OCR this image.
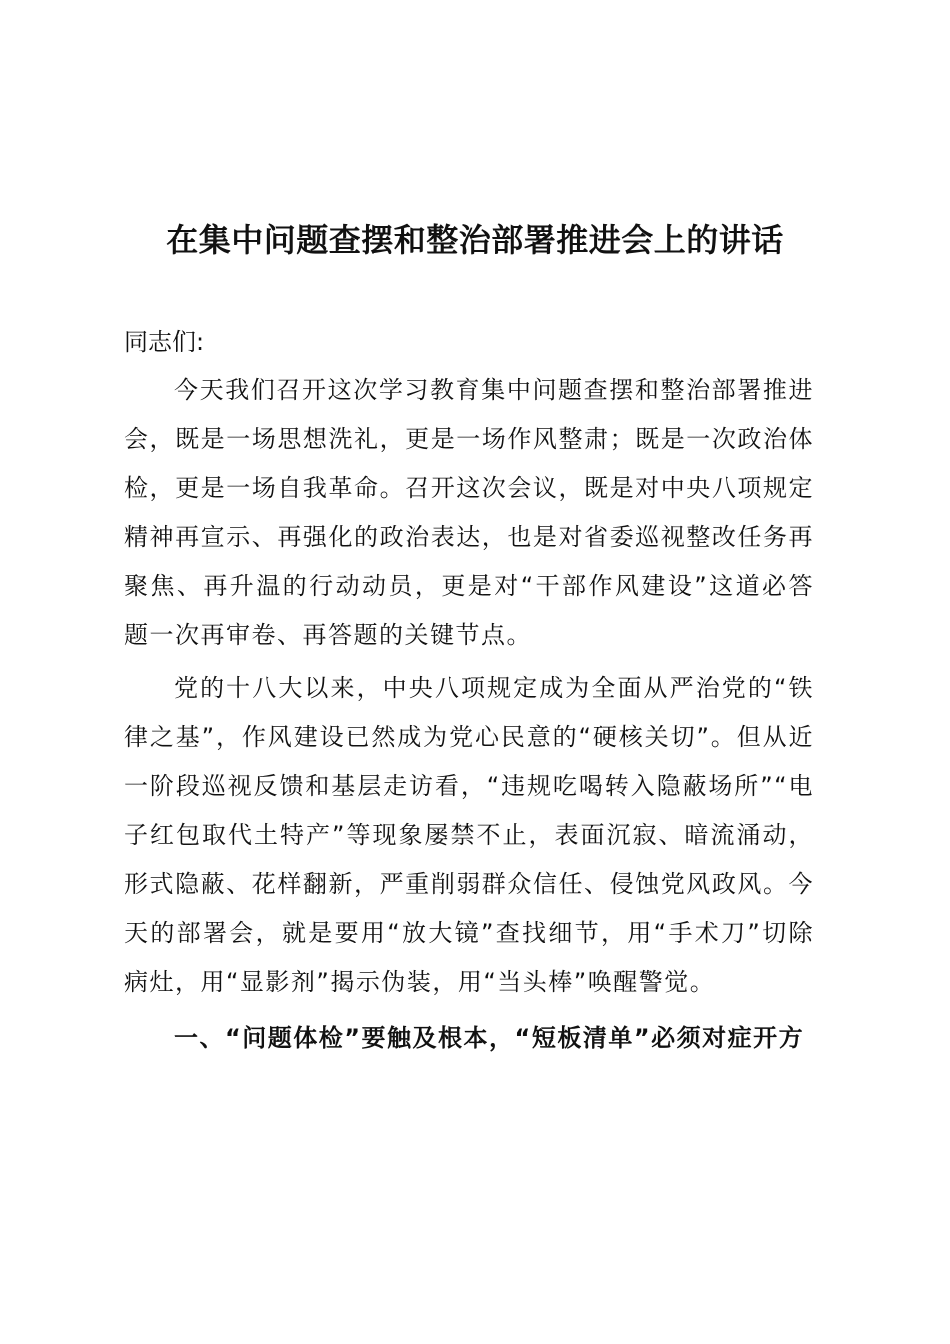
在集中问题查摆和整治部署推进会上的讲话

同志们:

今天我们召开这次学习教育集中问题查摆和整治部署推进会，既是一场思想洗礼，更是一场作风整肃；既是一次政治体检，更是一场自我革命。召开这次会议，既是对中央八项规定精神再宣示、再强化的政治表达，也是对省委巡视整改任务再聚焦、再升温的行动动员，更是对“干部作风建设”这道必答题一次再审卷、再答题的关键节点。

党的十八大以来，中央八项规定成为全面从严治党的“铁律之基”，作风建设已然成为党心民意的“硬核关切”。但从近一阶段巡视反馈和基层走访看，“违规吃喝转入隐蔽场所”“电子红包取代土特产”等现象屡禁不止，表面沉寂、暗流涌动，形式隐蔽、花样翻新，严重削弱群众信任、侵蚀党风政风。今天的部署会，就是要用“放大镜”查找细节，用“手术刀”切除病灶，用“显影剂”揭示伪装，用“当头棒”唤醒警觉。

一、“问题体检”要触及根本，“短板清单”必须对症开方
